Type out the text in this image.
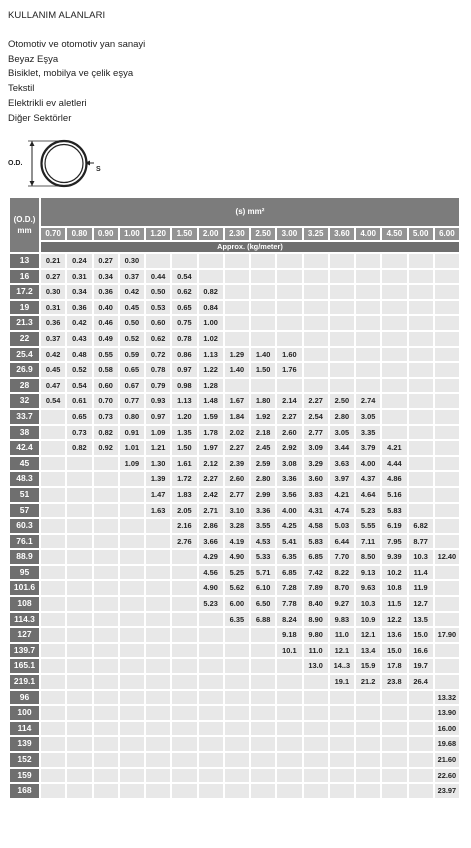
KULLANIM ALANLARI

Otomotiv ve otomotiv yan sanayi

Beyaz Eşya

Bisiklet, mobilya ve çelik eşya

Tekstil

Elektrikli ev aletleri

Diğer Sektörler

O.D.
S
(O.D.)
mm	(s) mm²															
	0.70	0.80	0.90	1.00	1.20	1.50	2.00	2.30	2.50	3.00	3.25	3.60	4.00	4.50	5.00	6.00
	Approx. (kg/meter)															
13	0.21	0.24	0.27	0.30												
16	0.27	0.31	0.34	0.37	0.44	0.54										
17.2	0.30	0.34	0.36	0.42	0.50	0.62	0.82									
19	0.31	0.36	0.40	0.45	0.53	0.65	0.84									
21.3	0.36	0.42	0.46	0.50	0.60	0.75	1.00									
22	0.37	0.43	0.49	0.52	0.62	0.78	1.02									
25.4	0.42	0.48	0.55	0.59	0.72	0.86	1.13	1.29	1.40	1.60						
26.9	0.45	0.52	0.58	0.65	0.78	0.97	1.22	1.40	1.50	1.76						
28	0.47	0.54	0.60	0.67	0.79	0.98	1.28									
32	0.54	0.61	0.70	0.77	0.93	1.13	1.48	1.67	1.80	2.14	2.27	2.50	2.74			
33.7		0.65	0.73	0.80	0.97	1.20	1.59	1.84	1.92	2.27	2.54	2.80	3.05			
38		0.73	0.82	0.91	1.09	1.35	1.78	2.02	2.18	2.60	2.77	3.05	3.35			
42.4		0.82	0.92	1.01	1.21	1.50	1.97	2.27	2.45	2.92	3.09	3.44	3.79	4.21		
45				1.09	1.30	1.61	2.12	2.39	2.59	3.08	3.29	3.63	4.00	4.44		
48.3					1.39	1.72	2.27	2.60	2.80	3.36	3.60	3.97	4.37	4.86		
51					1.47	1.83	2.42	2.77	2.99	3.56	3.83	4.21	4.64	5.16		
57					1.63	2.05	2.71	3.10	3.36	4.00	4.31	4.74	5.23	5.83		
60.3						2.16	2.86	3.28	3.55	4.25	4.58	5.03	5.55	6.19	6.82	
76.1						2.76	3.66	4.19	4.53	5.41	5.83	6.44	7.11	7.95	8.77	
88.9							4.29	4.90	5.33	6.35	6.85	7.70	8.50	9.39	10.3	12.40
95							4.56	5.25	5.71	6.85	7.42	8.22	9.13	10.2	11.4	
101.6							4.90	5.62	6.10	7.28	7.89	8.70	9.63	10.8	11.9	
108							5.23	6.00	6.50	7.78	8.40	9.27	10.3	11.5	12.7	
114.3								6.35	6.88	8.24	8.90	9.83	10.9	12.2	13.5	
127										9.18	9.80	11.0	12.1	13.6	15.0	17.90
139.7										10.1	11.0	12.1	13.4	15.0	16.6	
165.1											13.0	14..3	15.9	17.8	19.7	
219.1												19.1	21.2	23.8	26.4	
96																13.32
100																13.90
114																16.00
139																19.68
152																21.60
159																22.60
168																23.97
